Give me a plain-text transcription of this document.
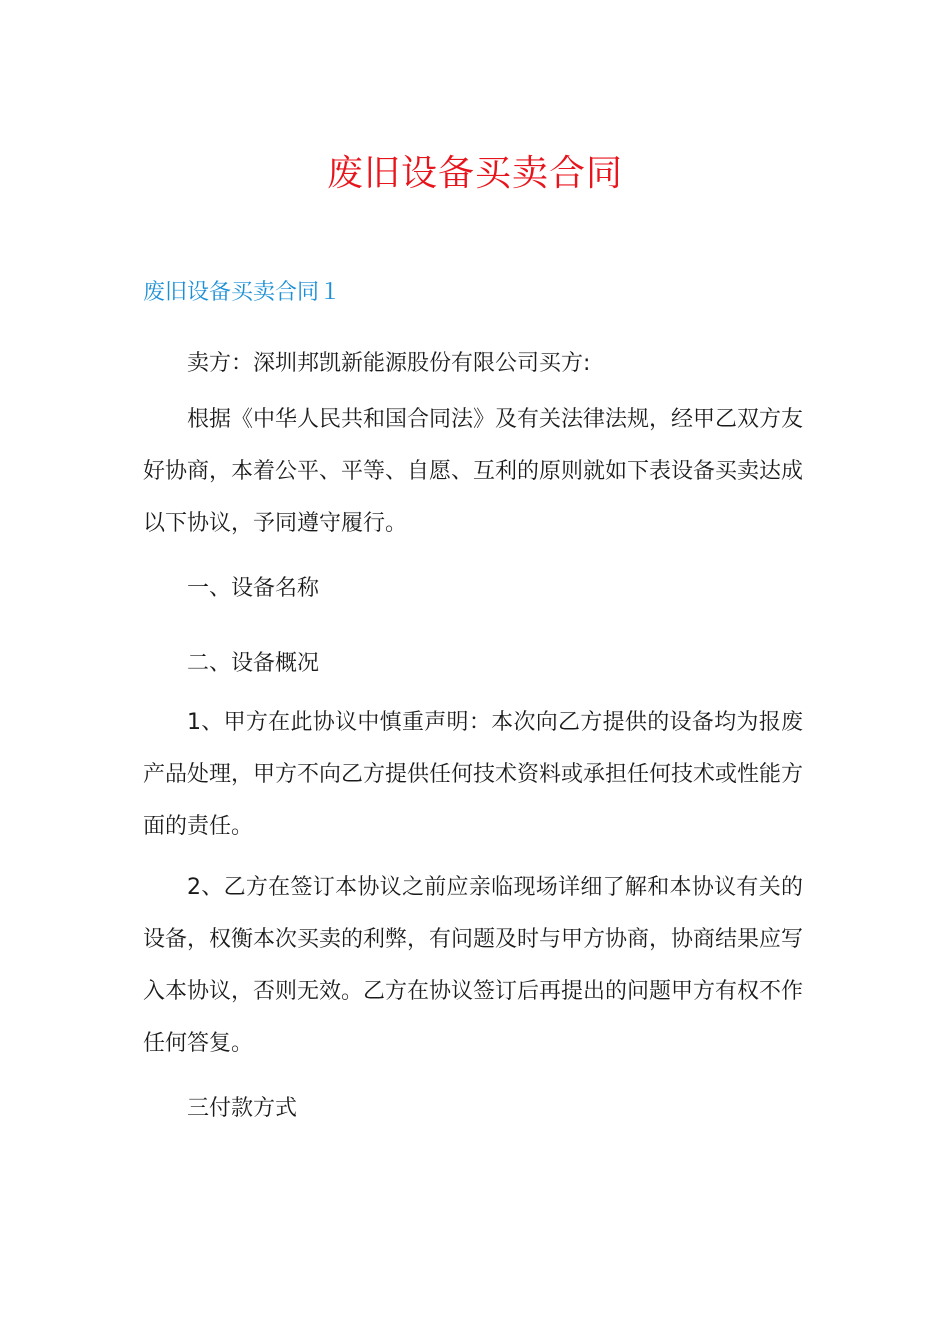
废旧设备买卖合同
废旧设备买卖合同１

卖方：深圳邦凯新能源股份有限公司买方:

根据《中华人民共和国合同法》及有关法律法规，经甲乙双方友好协商，本着公平、平等、自愿、互利的原则就如下表设备买卖达成以下协议，予同遵守履行。

一、设备名称

二、设备概况

1、甲方在此协议中慎重声明：本次向乙方提供的设备均为报废产品处理，甲方不向乙方提供任何技术资料或承担任何技术或性能方面的责任。

2、乙方在签订本协议之前应亲临现场详细了解和本协议有关的设备，权衡本次买卖的利弊，有问题及时与甲方协商，协商结果应写入本协议，否则无效。乙方在协议签订后再提出的问题甲方有权不作任何答复。

三付款方式
